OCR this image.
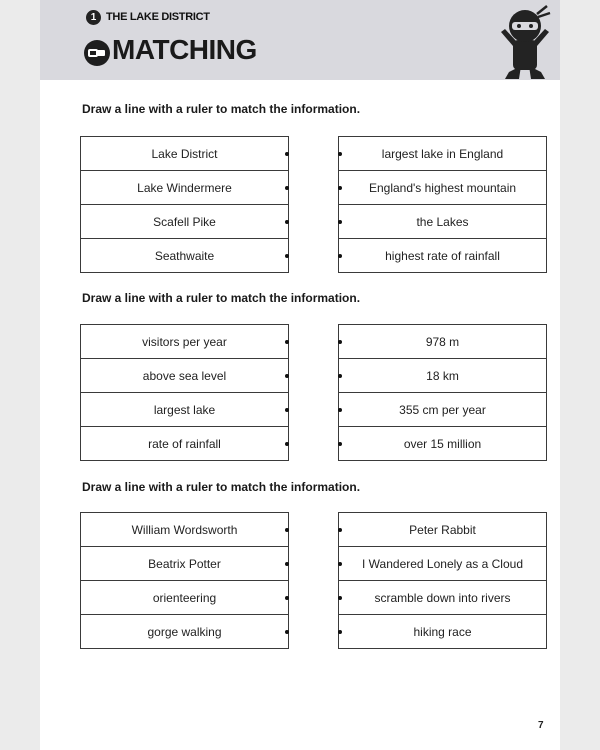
1 THE LAKE DISTRICT
MATCHING
Draw a line with a ruler to match the information.
Lake District
Lake Windermere
Scafell Pike
Seathwaite
largest lake in England
England's highest mountain
the Lakes
highest rate of rainfall
Draw a line with a ruler to match the information.
visitors per year
above sea level
largest lake
rate of rainfall
978 m
18 km
355 cm per year
over 15 million
Draw a line with a ruler to match the information.
William Wordsworth
Beatrix Potter
orienteering
gorge walking
Peter Rabbit
I Wandered Lonely as a Cloud
scramble down into rivers
hiking race
7
